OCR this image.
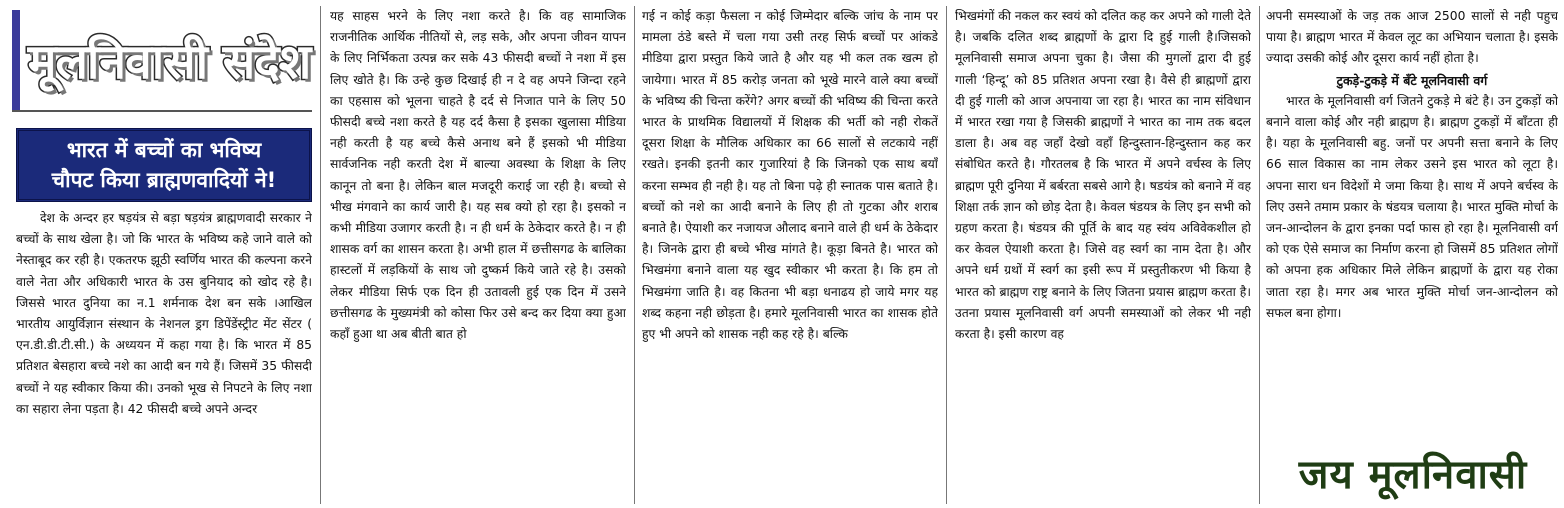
मूलनिवासी संदेश
भारत में बच्चों का भविष्य
चौपट किया ब्राह्मणवादियों ने!

देश के अन्दर हर षड़यंत्र से बड़ा षड़यंत्र ब्राह्मणवादी सरकार ने बच्चों के साथ खेला है। जो कि भारत के भविष्य कहे जाने वाले को नेस्ताबूद कर रही है। एकतरफ झूठी स्वर्णिय भारत की कल्पना करने वाले नेता और अधिकारी भारत के उस बुनियाद को खोद रहे है। जिससे भारत दुनिया का न.1 शर्मनाक देश बन सके ।आखिल भारतीय आयुर्विज्ञान संस्थान के नेशनल ड्रग डिपेंडेंस्ट्रीट मेंट सेंटर ( एन.डी.डी.टी.सी.) के अध्ययन में कहा गया है। कि भारत में 85 प्रतिशत बेसहारा बच्चे नशे का आदी बन गये हैं। जिसमें 35 फीसदी बच्चों ने यह स्वीकार किया की। उनको भूख से निपटने के लिए नशा का सहारा लेना पड़ता है। 42 फीसदी बच्चे अपने अन्दर

यह साहस भरने के लिए नशा करते है। कि वह सामाजिक राजनीतिक आर्थिक नीतियों से, लड़ सके, और अपना जीवन यापन के लिए निर्भिकता उत्पन्न कर सके 43 फीसदी बच्चों ने नशा में इस लिए खोते है। कि उन्हे कुछ दिखाई ही न दे वह अपने जिन्दा रहने का एहसास को भूलना चाहते है दर्द से निजात पाने के लिए 50 फीसदी बच्चे नशा करते है यह दर्द कैसा है इसका खुलासा मीडिया नही करती है यह बच्चे कैसे अनाथ बने हैं इसको भी मीडिया सार्वजनिक नही करती देश में बाल्या अवस्था के शिक्षा के लिए कानून तो बना है। लेकिन बाल मजदूरी कराई जा रही है। बच्चो से भीख मंगवाने का कार्य जारी है। यह सब क्यो हो रहा है। इसको न कभी मीडिया उजागर करती है। न ही धर्म के ठेकेदार करते है। न ही शासक वर्ग का शासन करता है। अभी हाल में छत्तीसगढ के बालिका हास्टलों में लड़कियों के साथ जो दुष्कर्म किये जाते रहे है। उसको लेकर मीडिया सिर्फ एक दिन ही उतावली हुई एक दिन में उसने छत्तीसगढ के मुख्यमंत्री को कोसा फिर उसे बन्द कर दिया क्या हुआ कहाँ हुआ था अब बीती बात हो

गई न कोई कड़ा फैसला न कोई जिम्मेदार बल्कि जांच के नाम पर मामला ठंडे बस्ते में चला गया उसी तरह सिर्फ बच्चों पर आंकडे मीडिया द्वारा प्रस्तुत किये जाते है और यह भी कल तक खत्म हो जायेगा। भारत में 85 करोड़ जनता को भूखे मारने वाले क्या बच्चों के भविष्य की चिन्ता करेंगे? अगर बच्चों की भविष्य की चिन्ता करते भारत के प्राथमिक विद्यालयों में शिक्षक की भर्ती को नही रोकतें दूसरा शिक्षा के मौलिक अधिकार का 66 सालों से लटकाये नहीं रखते। इनकी इतनी कार गुजारियां है कि जिनको एक साथ बयाँ करना सम्भव ही नही है। यह तो बिना पढ़े ही स्नातक पास बताते है। बच्चों को नशे का आदी बनाने के लिए ही तो गुटका और शराब बनाते है। ऐयाशी कर नजायज औलाद बनाने वाले ही धर्म के ठेकेदार है। जिनके द्वारा ही बच्चे भीख मांगते है। कूड़ा बिनते है। भारत को भिखमंगा बनाने वाला यह खुद स्वीकार भी करता है। कि हम तो भिखमंगा जाति है। वह कितना भी बड़ा धनाढय हो जाये मगर यह शब्द कहना नही छोड़ता है। हमारे मूलनिवासी भारत का शासक होते हुए भी अपने को शासक नही कह रहे है। बल्कि

भिखमंगों की नकल कर स्वयं को दलित कह कर अपने को गाली देते है। जबकि दलित शब्द ब्राह्मणों के द्वारा दि हुई गाली है।जिसको मूलनिवासी समाज अपना चुका है। जैसा की मुगलों द्वारा दी हुई गाली ‘हिन्दू’ को 85 प्रतिशत अपना रखा है। वैसे ही ब्राह्मणों द्वारा दी हुई गाली को आज अपनाया जा रहा है। भारत का नाम संविधान में भारत रखा गया है जिसकी ब्राह्मणों ने भारत का नाम तक बदल डाला है। अब वह जहाँ देखो वहाँ हिन्दुस्तान-हिन्दुस्तान कह कर संबोधित करते है। गौरतलब है कि भारत में अपने वर्चस्व के लिए ब्राह्मण पूरी दुनिया में बर्बरता सबसे आगे है। षडयंत्र को बनाने में वह शिक्षा तर्क ज्ञान को छोड़ देता है। केवल षंडयत्र के लिए इन सभी को ग्रहण करता है। षंडयत्र की पूर्ति के बाद यह स्वंय अविवेकशील हो कर केवल ऐयाशी करता है। जिसे वह स्वर्ग का नाम देता है। और अपने धर्म ग्रथों में स्वर्ग का इसी रूप में प्रस्तुतीकरण भी किया है भारत को ब्राह्मण राष्ट्र बनाने के लिए जितना प्रयास ब्राह्मण करता है। उतना प्रयास मूलनिवासी वर्ग अपनी समस्याओं को लेकर भी नही करता है। इसी कारण वह

अपनी समस्याओं के जड़ तक आज 2500 सालों से नही पहुच पाया है। ब्राह्मण भारत में केवल लूट का अभियान चलाता है। इसके ज्यादा उसकी कोई और दूसरा कार्य नहीं होता है।

टुकड़े-टुकड़े में बँटे मूलनिवासी वर्ग

भारत के मूलनिवासी वर्ग जितने टुकड़े मे बंटे है। उन टुकड़ों को बनाने वाला कोई और नही ब्राह्मण है। ब्राह्मण टुकड़ों में बाँटता ही है। यहा के मूलनिवासी बहु. जनों पर अपनी सत्ता बनाने के लिए 66 साल विकास का नाम लेकर उसने इस भारत को लूटा है। अपना सारा धन विदेशों मे जमा किया है। साथ में अपने बर्चस्व के लिए उसने तमाम प्रकार के षंडयत्र चलाया है। भारत मुक्ति मोर्चा के जन-आन्दोलन के द्वारा इनका पर्दा फास हो रहा है। मूलनिवासी वर्ग को एक ऐसे समाज का निर्माण करना हो जिसमें 85 प्रतिशत लोगों को अपना हक अधिकार मिले लेकिन ब्राह्मणों के द्वारा यह रोका जाता रहा है। मगर अब भारत मुक्ति मोर्चा जन-आन्दोलन को सफल बना होगा।

जय मूलनिवासी
